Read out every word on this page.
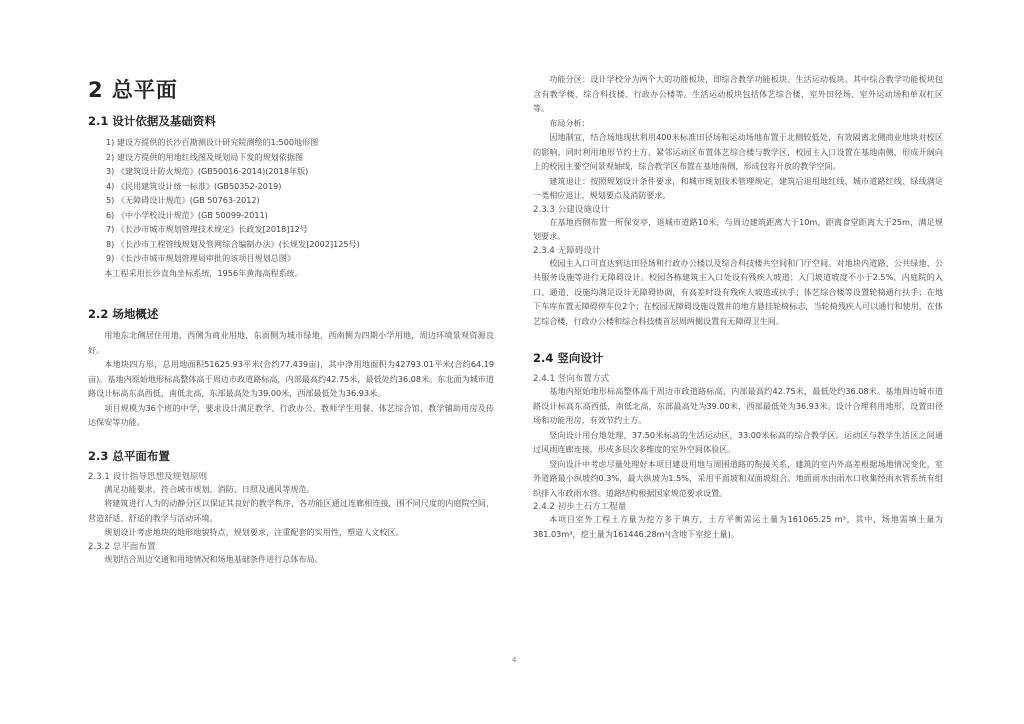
2 总平面
2.1 设计依据及基础资料

1) 建设方提供的长沙百勘测设计研究院测绘的1:500地形图

2) 建设方提供的用地红线图及规划局下发的规划依据图

3) 《建筑设计防火规范》(GB50016-2014)(2018年版)

4) 《民用建筑设计统一标准》(GB50352-2019)

5) 《无障碍设计规范》(GB 50763-2012)

6) 《中小学校设计规范》(GB 50099-2011)

7) 《长沙市城市规划管理技术规定》长政发[2018]12号

8) 《长沙市工程管线规划及管网综合编制办法》(长规发[2002]125号)

9) 《长沙市城市规划管理局审批的该项目规划总图》

本工程采用长沙直角坐标系统，1956年黄海高程系统。

2.2 场地概述

用地东北侧居住用地，西侧为商业用地，东面侧为城市绿地，西南侧为四期小学用地，周边环境景观资源良好。

本地块四方形，总用地面积51625.93平米(合约77.439亩)，其中净用地面积为42793.01平米(合约64.19亩)。基地内原始地形标高整体高于周边市政道路标高，内部最高约42.75米，最低处约36.08米。东北面为城市道路设计标高东高西低，南低北高，东部最高处为39.00米，西部最低处为36.93米。

项目规模为36个班的中学，要求设计满足教学、行政办公、教师学生用餐、体艺综合馆、教学辅助用房及传达保安等功能。

2.3 总平面布置
2.3.1 设计指导思想及规划原则

满足功能要求，符合城市规划、消防、日照及通风等规范。

将建筑进行人为的动静分区以保证其良好的教学秩序，各功能区通过连廊相连接，围不同尺度的内庭院空间，营造舒适、舒适的教学与活动环境。

规划设计考虑地块的地形地貌特点，规划要求，注重配套的实用性，塑造人文校区。

2.3.2 总平面布置

规划结合周边交通和用地情况和场地基础条件进行总体布局。

功能分区：设计学校分为两个大的功能板块，即综合教学功能板块、生活运动板块。其中综合教学功能板块包含有教学楼、综合科技楼、行政办公楼等。生活运动板块包括体艺综合楼，室外田径场、室外运动场和单双杠区等。

布局分析：

因地制宜，结合场地现状利用400米标准田径场和运动场地布置于北侧较低处，有效隔离北侧商业地块对校区的影响，同时利用地形节约土方，紧邻运动区布置体艺综合楼与教学区，校园主入口设置在基地南侧，形成开阔向上的校园主要空间景观轴线，综合教学区布置在基地南侧，形成包容开放的教学空间。

建筑退让：按照规划设计条件要求，和城市规划技术管理规定，建筑后退用地红线、城市道路红线、绿线满足一类相应退让，规划要点及消防要求。

2.3.3 公建设施设计

在基地西侧布置一所保安亭，退城市道路10米，与周边建筑距离大于10m，距离食堂距离大于25m，满足规划要求。

2.3.4 无障碍设计

校园主入口可直达到达田径场和行政办公楼以及综合科技楼共空间和门厅空间。对地块内道路、公共绿地、公共服务设施等进行无障碍设计。校园各栋建筑主入口处设有残疾人坡道；入门坡道坡度不小于2.5%，内庭院的入口、通道、设施均满足设计无障碍协调，有高差时设有残疾人坡道或扶手；体艺综合楼等设置轮椅通行扶手；在地下车库布置无障碍停车位2个；在校园无障碍设施设置并的地方悬挂轮椅标志，当轮椅残疾人可以通行和使用，在体艺综合楼，行政办公楼和综合科技楼首层周两侧设置有无障碍卫生间。

2.4 竖向设计
2.4.1 竖向布置方式

基地内原始地形标高整体高于周边市政道路标高，内部最高约42.75米，最低处约36.08米。基地周边城市道路设计标高东高西低，南低北高，东部最高处为39.00米，西部最低处为36.93米。设计合理利用地形，设置田径场和功能用房，有效节约土方。

竖向设计用台地处理，37.50米标高的生活运动区，33.00米标高的综合教学区。运动区与教学生活区之间通过风雨连廊连接，形成多层次多维度的室外空间体验区。

竖向设计中考虑尽量处理好本项目建设用地与周围道路的衔接关系，建筑的室内外高差根据场地情况变化，室外道路最小纵坡约0.3%，最大纵坡为1.5%，采用平面坡和双面坡组合。地面雨水由雨水口收集经雨水管系统有组织排入市政雨水管。道路结构根据国家规范要求设置。

2.4.2 初步土石方工程量

本项目室外工程土方量为挖方多于填方，土方平衡需运土量为161065.25 m³，其中，场地需填土量为381.03m³，挖土量为161446.28m³(含地下室挖土量)。

4
